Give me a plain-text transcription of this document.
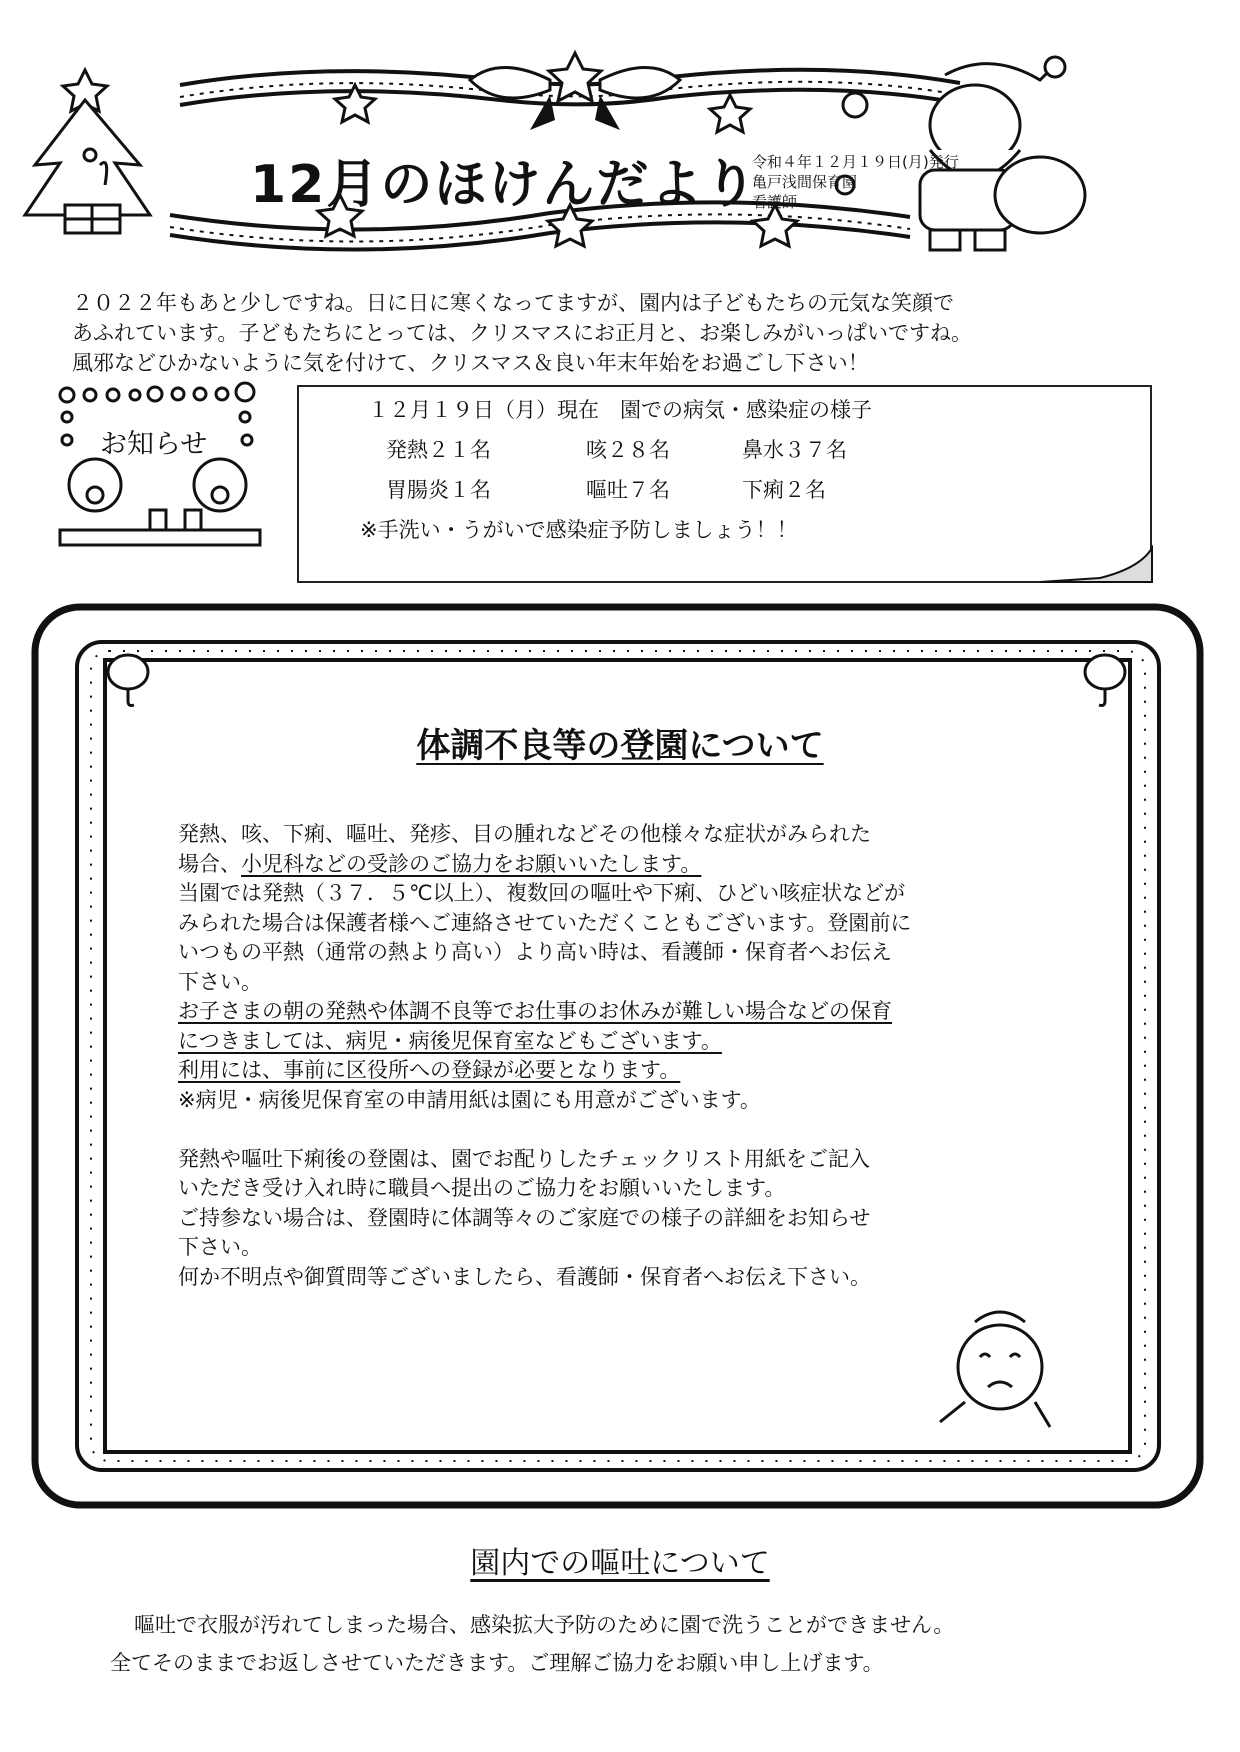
12月のほけんだより
令和４年１２月１９日(月)発行
亀戸浅間保育園
看護師
２０２２年もあと少しですね。日に日に寒くなってますが、園内は子どもたちの元気な笑顔で
あふれています。子どもたちにとっては、クリスマスにお正月と、お楽しみがいっぱいですね。
風邪などひかないように気を付けて、クリスマス＆良い年末年始をお過ごし下さい！
お知らせ
１２月１９日（月）現在　園での病気・感染症の様子
発熱２１名	咳２８名	鼻水３７名
胃腸炎１名	嘔吐７名	下痢２名
※手洗い・うがいで感染症予防しましょう！！
体調不良等の登園について
発熱、咳、下痢、嘔吐、発疹、目の腫れなどその他様々な症状がみられた
場合、小児科などの受診のご協力をお願いいたします。
当園では発熱（３７．５℃以上）、複数回の嘔吐や下痢、ひどい咳症状などが
みられた場合は保護者様へご連絡させていただくこともございます。登園前に
いつもの平熱（通常の熱より高い）より高い時は、看護師・保育者へお伝え
下さい。
お子さまの朝の発熱や体調不良等でお仕事のお休みが難しい場合などの保育
につきましては、病児・病後児保育室などもございます。
利用には、事前に区役所への登録が必要となります。
※病児・病後児保育室の申請用紙は園にも用意がございます。
発熱や嘔吐下痢後の登園は、園でお配りしたチェックリスト用紙をご記入
いただき受け入れ時に職員へ提出のご協力をお願いいたします。
ご持参ない場合は、登園時に体調等々のご家庭での様子の詳細をお知らせ
下さい。
何か不明点や御質問等ございましたら、看護師・保育者へお伝え下さい。
園内での嘔吐について
嘔吐で衣服が汚れてしまった場合、感染拡大予防のために園で洗うことができません。
全てそのままでお返しさせていただきます。ご理解ご協力をお願い申し上げます。
